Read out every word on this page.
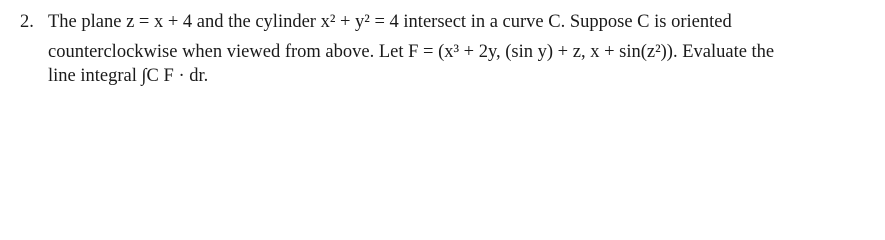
2. The plane z = x + 4 and the cylinder x² + y² = 4 intersect in a curve C. Suppose C is oriented
counterclockwise when viewed from above. Let F = (x³ + 2y, (sin y) + z, x + sin(z²)). Evaluate the
line integral ∫C F · dr.
